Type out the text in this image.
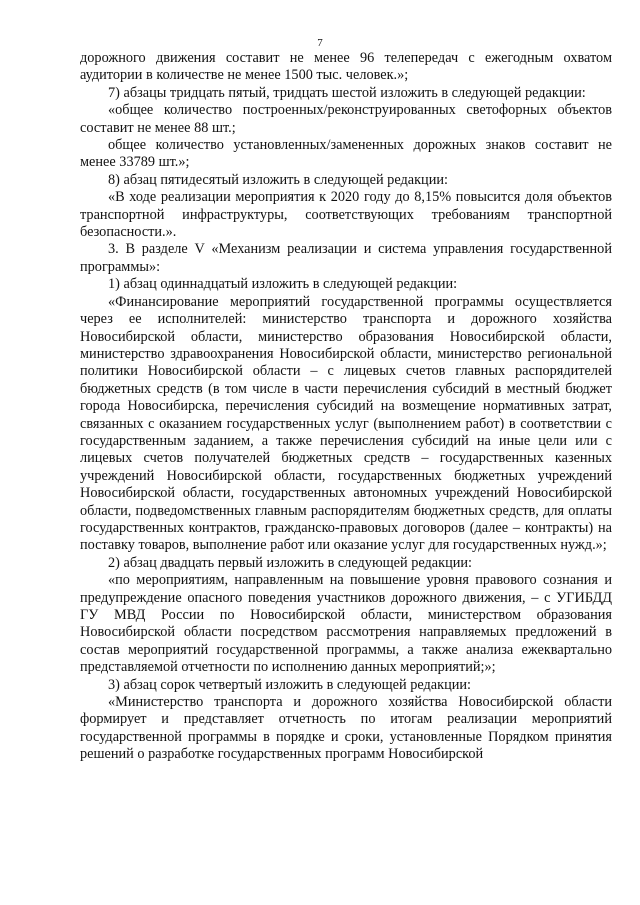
7

дорожного движения составит не менее 96 телепередач с ежегодным охватом аудитории в количестве не менее 1500 тыс. человек.»;

7) абзацы тридцать пятый, тридцать шестой изложить в следующей редакции:

«общее количество построенных/реконструированных светофорных объектов составит не менее 88 шт.;

общее количество установленных/замененных дорожных знаков составит не менее 33789 шт.»;

8) абзац пятидесятый изложить в следующей редакции:

«В ходе реализации мероприятия к 2020 году до 8,15% повысится доля объектов транспортной инфраструктуры, соответствующих требованиям транспортной безопасности.».

3. В разделе V «Механизм реализации и система управления государственной программы»:

1) абзац одиннадцатый изложить в следующей редакции:

«Финансирование мероприятий государственной программы осуществляется через ее исполнителей: министерство транспорта и дорожного хозяйства Новосибирской области, министерство образования Новосибирской области, министерство здравоохранения Новосибирской области, министерство региональной политики Новосибирской области – с лицевых счетов главных распорядителей бюджетных средств (в том числе в части перечисления субсидий в местный бюджет города Новосибирска, перечисления субсидий на возмещение нормативных затрат, связанных с оказанием государственных услуг (выполнением работ) в соответствии с государственным заданием, а также перечисления субсидий на иные цели или с лицевых счетов получателей бюджетных средств – государственных казенных учреждений Новосибирской области, государственных бюджетных учреждений Новосибирской области, государственных автономных учреждений Новосибирской области, подведомственных главным распорядителям бюджетных средств, для оплаты государственных контрактов, гражданско-правовых договоров (далее – контракты) на поставку товаров, выполнение работ или оказание услуг для государственных нужд.»;

2) абзац двадцать первый изложить в следующей редакции:

«по мероприятиям, направленным на повышение уровня правового сознания и предупреждение опасного поведения участников дорожного движения, – с УГИБДД ГУ МВД России по Новосибирской области, министерством образования Новосибирской области посредством рассмотрения направляемых предложений в состав мероприятий государственной программы, а также анализа ежеквартально представляемой отчетности по исполнению данных мероприятий;»;

3) абзац сорок четвертый изложить в следующей редакции:

«Министерство транспорта и дорожного хозяйства Новосибирской области формирует и представляет отчетность по итогам реализации мероприятий государственной программы в порядке и сроки, установленные Порядком принятия решений о разработке государственных программ Новосибирской
